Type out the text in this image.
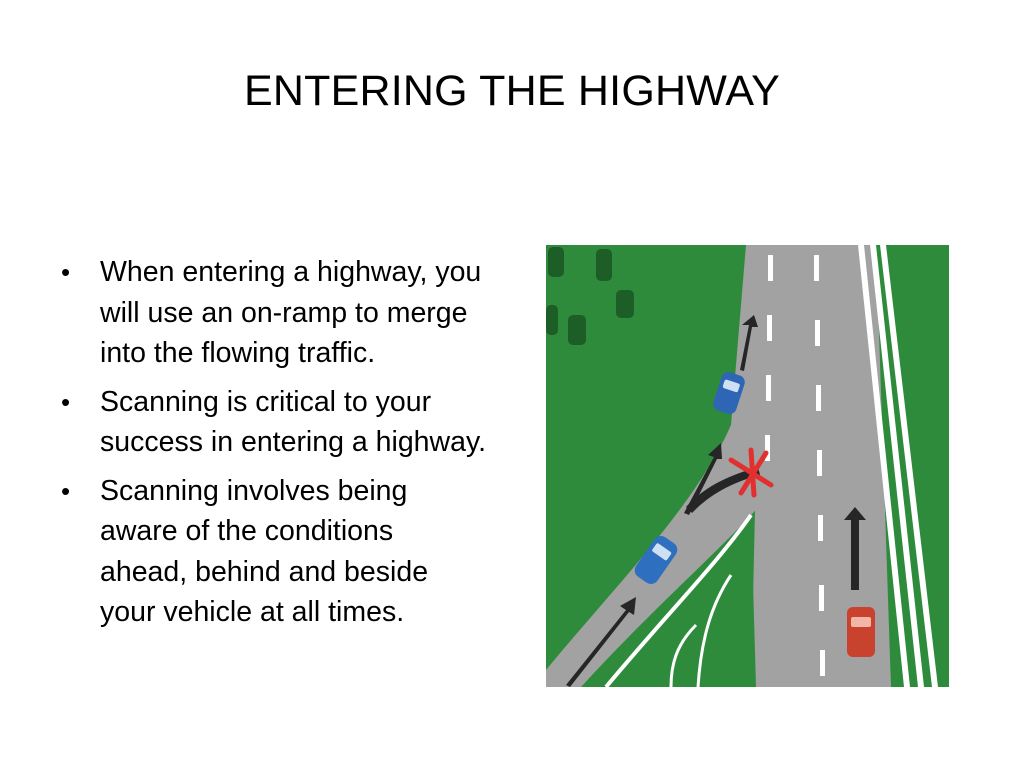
ENTERING THE HIGHWAY
• When entering a highway, you will use an on-ramp to merge into the flowing traffic.
• Scanning is critical to your success in entering a highway.
• Scanning involves being aware of the conditions ahead, behind and beside your vehicle at all times.
